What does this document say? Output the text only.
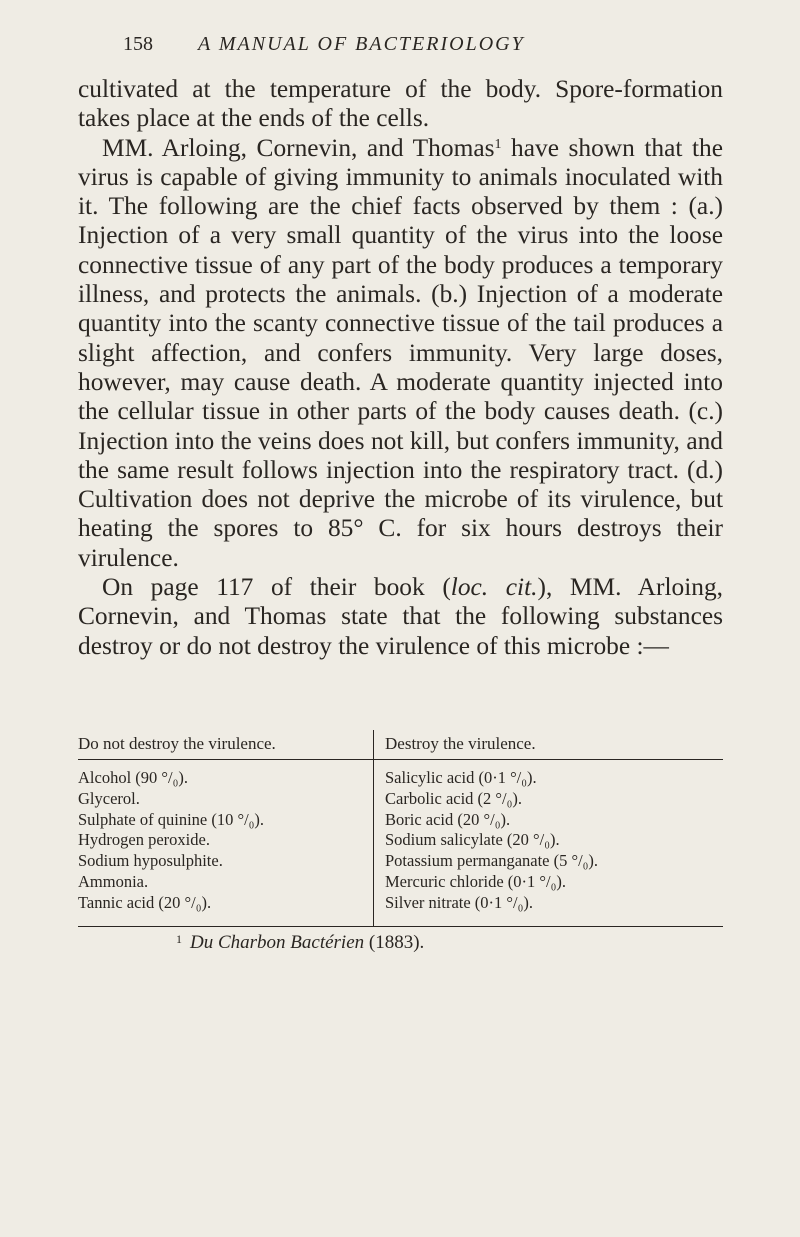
158 A MANUAL OF BACTERIOLOGY

cultivated at the temperature of the body. Spore-formation takes place at the ends of the cells.

MM. Arloing, Cornevin, and Thomas$^1$ have shown that the virus is capable of giving immunity to animals inoculated with it. The following are the chief facts observed by them : (a.) Injection of a very small quantity of the virus into the loose connective tissue of any part of the body produces a temporary illness, and protects the animals. (b.) Injection of a moderate quantity into the scanty connective tissue of the tail produces a slight affection, and confers immunity. Very large doses, however, may cause death. A moderate quantity injected into the cellular tissue in other parts of the body causes death. (c.) Injection into the veins does not kill, but confers immunity, and the same result follows injection into the respiratory tract. (d.) Cultivation does not deprive the microbe of its virulence, but heating the spores to 85° C. for six hours destroys their virulence.

On page 117 of their book (loc. cit.), MM. Arloing, Cornevin, and Thomas state that the following substances destroy or do not destroy the virulence of this microbe :—

Do not destroy the virulence.	Destroy the virulence.
Alcohol (90 °/₀).
Glycerol.
Sulphate of quinine (10 °/₀).
Hydrogen peroxide.
Sodium hyposulphite.
Ammonia.
Tannic acid (20 °/₀).
Salicylic acid (0·1 °/₀).
Carbolic acid (2 °/₀).
Boric acid (20 °/₀).
Sodium salicylate (20 °/₀).
Potassium permanganate (5 °/₀).
Mercuric chloride (0·1 °/₀).
Silver nitrate (0·1 °/₀).
$^1$ Du Charbon Bactérien (1883).
